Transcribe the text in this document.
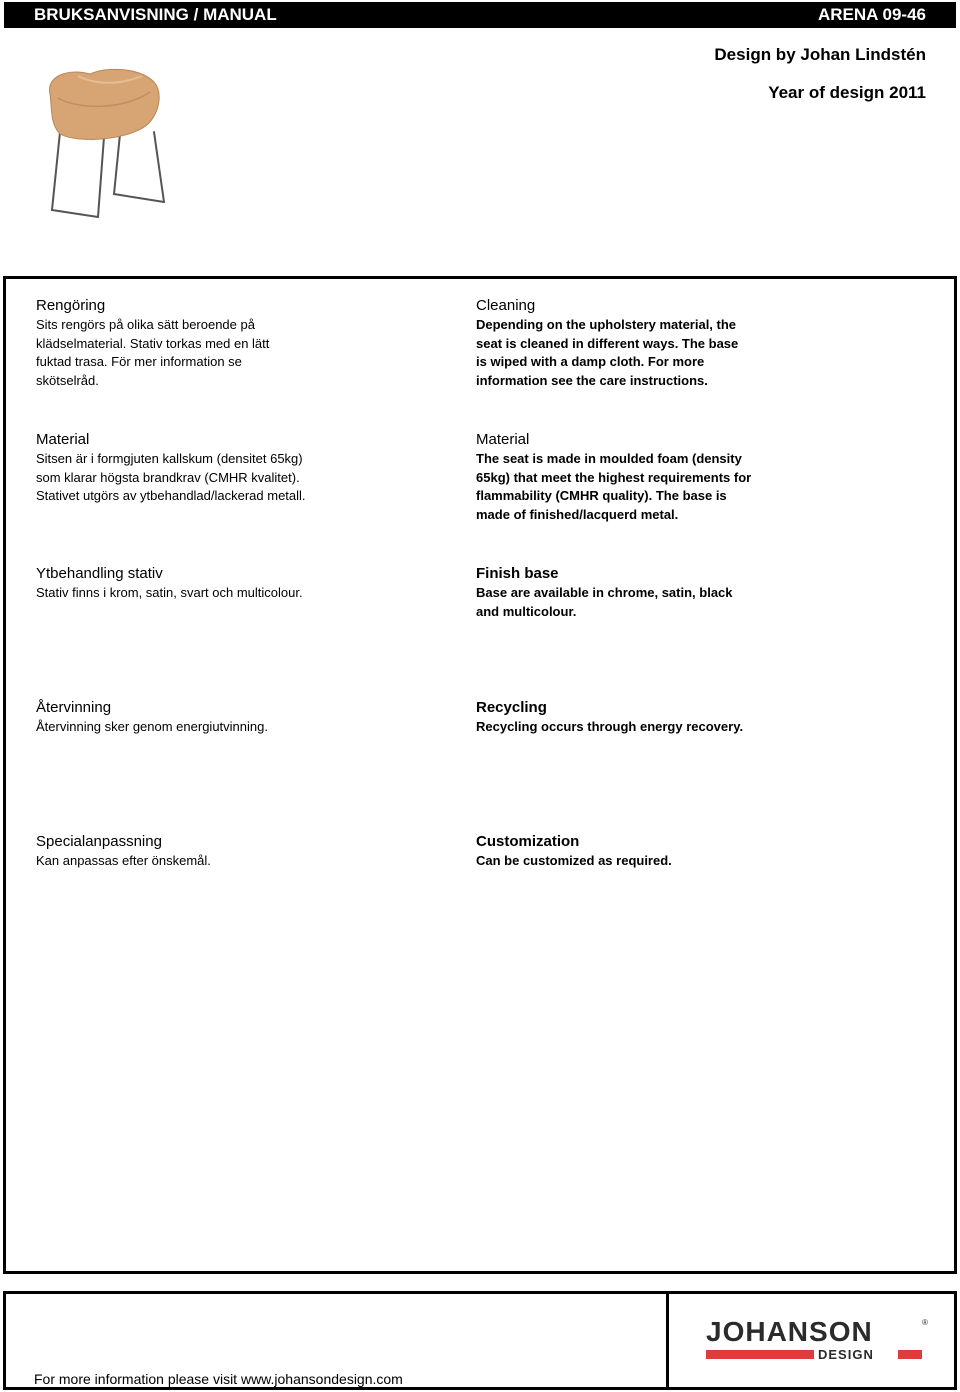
BRUKSANVISNING / MANUAL	ARENA 09-46
Design by Johan Lindstén
Year of design 2011
Rengöring
Sits rengörs på olika sätt beroende på
klädselmaterial. Stativ torkas med en lätt
fuktad trasa. För mer information se
skötselråd.
Cleaning
Depending on the upholstery material, the
seat is cleaned in different ways. The base
is wiped with a damp cloth. For more
information see the care instructions.
Material
Sitsen är i formgjuten kallskum (densitet 65kg)
som klarar högsta brandkrav (CMHR kvalitet).
Stativet utgörs av ytbehandlad/lackerad metall.
Material
The seat is made in moulded foam (density
65kg) that meet the highest requirements for
flammability (CMHR quality). The base is
made of finished/lacquerd metal.
Ytbehandling stativ
Stativ finns i krom, satin, svart och multicolour.
Finish base
Base are available in chrome, satin, black
and multicolour.
Återvinning
Återvinning sker genom energiutvinning.
Recycling
Recycling occurs through energy recovery.
Specialanpassning
Kan anpassas efter önskemål.
Customization
Can be customized as required.
For more information please visit www.johansondesign.com
JOHANSON	®
DESIGN
